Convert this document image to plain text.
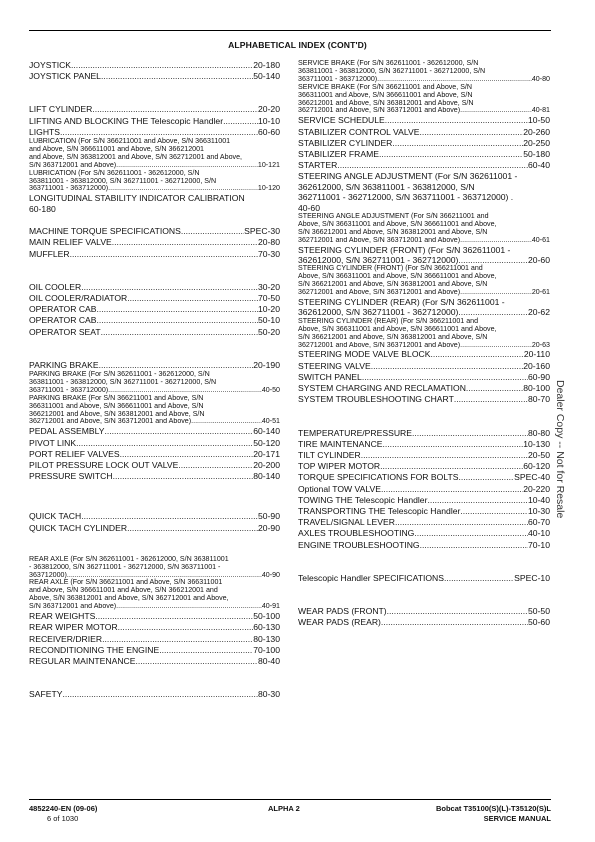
ALPHABETICAL INDEX (CONT'D)
JOYSTICK .....	20-180
JOYSTICK PANEL .....	50-140
LIFT CYLINDER .....	20-20
LIFTING AND BLOCKING THE Telescopic Handler .....	10-10
LIGHTS .....	60-60
LUBRICATION (For S/N 366211001 and Above, S/N 366311001
and Above, S/N 366611001 and Above, S/N 366212001
and Above, S/N 363812001 and Above, S/N 362712001 and Above,
S/N 363712001 and Above) .....	10-121
LUBRICATION (For S/N 362611001 - 362612000, S/N
363811001 - 363812000, S/N 362711001 - 362712000, S/N
363711001 - 363712000) .....	10-120
LONGITUDINAL STABILITY INDICATOR CALIBRATION
60-180
MACHINE TORQUE SPECIFICATIONS .....	SPEC-30
MAIN RELIEF VALVE .....	20-80
MUFFLER .....	70-30
OIL COOLER .....	30-20
OIL COOLER/RADIATOR .....	70-50
OPERATOR CAB .....	10-20
OPERATOR CAB .....	50-10
OPERATOR SEAT .....	50-20
PARKING BRAKE .....	20-190
PARKING BRAKE (For S/N 362611001 - 362612000, S/N
363811001 - 363812000, S/N 362711001 - 362712000, S/N
363711001 - 363712000) .....	40-50
PARKING BRAKE (For S/N 366211001 and Above, S/N
366311001 and Above, S/N 366611001 and Above, S/N
366212001 and Above, S/N 363812001 and Above, S/N
362712001 and Above, S/N 363712001 and Above) .....	40-51
PEDAL ASSEMBLY .....	60-140
PIVOT LINK .....	50-120
PORT RELIEF VALVES .....	20-171
PILOT PRESSURE LOCK OUT VALVE .....	20-200
PRESSURE SWITCH .....	80-140
QUICK TACH .....	50-90
QUICK TACH CYLINDER .....	20-90
REAR AXLE (For S/N 362611001 - 362612000, S/N 363811001
- 363812000, S/N 362711001 - 362712000, S/N 363711001 -
363712000) .....	40-90
REAR AXLE (For S/N 366211001 and Above, S/N 366311001
and Above, S/N 366611001 and Above, S/N 366212001 and
Above, S/N 363812001 and Above, S/N 362712001 and Above,
S/N 363712001 and Above) .....	40-91
REAR WEIGHTS .....	50-100
REAR WIPER MOTOR .....	60-130
RECEIVER/DRIER .....	80-130
RECONDITIONING THE ENGINE .....	70-100
REGULAR MAINTENANCE .....	80-40
SAFETY .....	80-30
SERVICE BRAKE (For S/N 362611001 - 362612000, S/N
363811001 - 363812000, S/N 362711001 - 362712000, S/N
363711001 - 363712000) .....	40-80
SERVICE BRAKE (For S/N 366211001 and Above, S/N
366311001 and Above, S/N 366611001 and Above, S/N
366212001 and Above, S/N 363812001 and Above, S/N
362712001 and Above, S/N 363712001 and Above) .....	40-81
SERVICE SCHEDULE .....	10-50
STABILIZER CONTROL VALVE .....	20-260
STABILIZER CYLINDER .....	20-250
STABILIZER FRAME .....	50-180
STARTER .....	60-40
STEERING ANGLE ADJUSTMENT (For S/N 362611001 -
362612000, S/N 363811001 - 363812000, S/N
362711001 - 362712000, S/N 363711001 - 363712000) .
40-60
STEERING ANGLE ADJUSTMENT (For S/N 366211001 and
Above, S/N 366311001 and Above, S/N 366611001 and Above,
S/N 366212001 and Above, S/N 363812001 and Above, S/N
362712001 and Above, S/N 363712001 and Above) .....	40-61
STEERING CYLINDER (FRONT) (For S/N 362611001 -
362612000, S/N 362711001 - 362712000) .....	20-60
STEERING CYLINDER (FRONT) (For S/N 366211001 and
Above, S/N 366311001 and Above, S/N 366611001 and Above,
S/N 366212001 and Above, S/N 363812001 and Above, S/N
362712001 and Above, S/N 363712001 and Above) .....	20-61
STEERING CYLINDER (REAR) (For S/N 362611001 -
362612000, S/N 362711001 - 362712000) .....	20-62
STEERING CYLINDER (REAR) (For S/N 366211001 and
Above, S/N 366311001 and Above, S/N 366611001 and Above,
S/N 366212001 and Above, S/N 363812001 and Above, S/N
362712001 and Above, S/N 363712001 and Above) .....	20-63
STEERING MODE VALVE BLOCK .....	20-110
STEERING VALVE .....	20-160
SWITCH PANEL .....	60-90
SYSTEM CHARGING AND RECLAMATION .....	80-100
SYSTEM TROUBLESHOOTING CHART .....	80-70
TEMPERATURE/PRESSURE .....	80-80
TIRE MAINTENANCE .....	10-130
TILT CYLINDER .....	20-50
TOP WIPER MOTOR .....	60-120
TORQUE SPECIFICATIONS FOR BOLTS .....	SPEC-40
Optional TOW VALVE .....	20-220
TOWING THE Telescopic Handler .....	10-40
TRANSPORTING THE Telescopic Handler .....	10-30
TRAVEL/SIGNAL LEVER .....	60-70
AXLES TROUBLESHOOTING .....	40-10
ENGINE TROUBLESHOOTING .....	70-10
Telescopic Handler SPECIFICATIONS .....	SPEC-10
WEAR PADS (FRONT) .....	50-50
WEAR PADS (REAR) .....	50-60
4852240-EN (09-06)
6 of 1030
ALPHA 2	Bobcat T35100(S)(L)-T35120(S)L
SERVICE MANUAL
Dealer Copy -- Not for Resale
